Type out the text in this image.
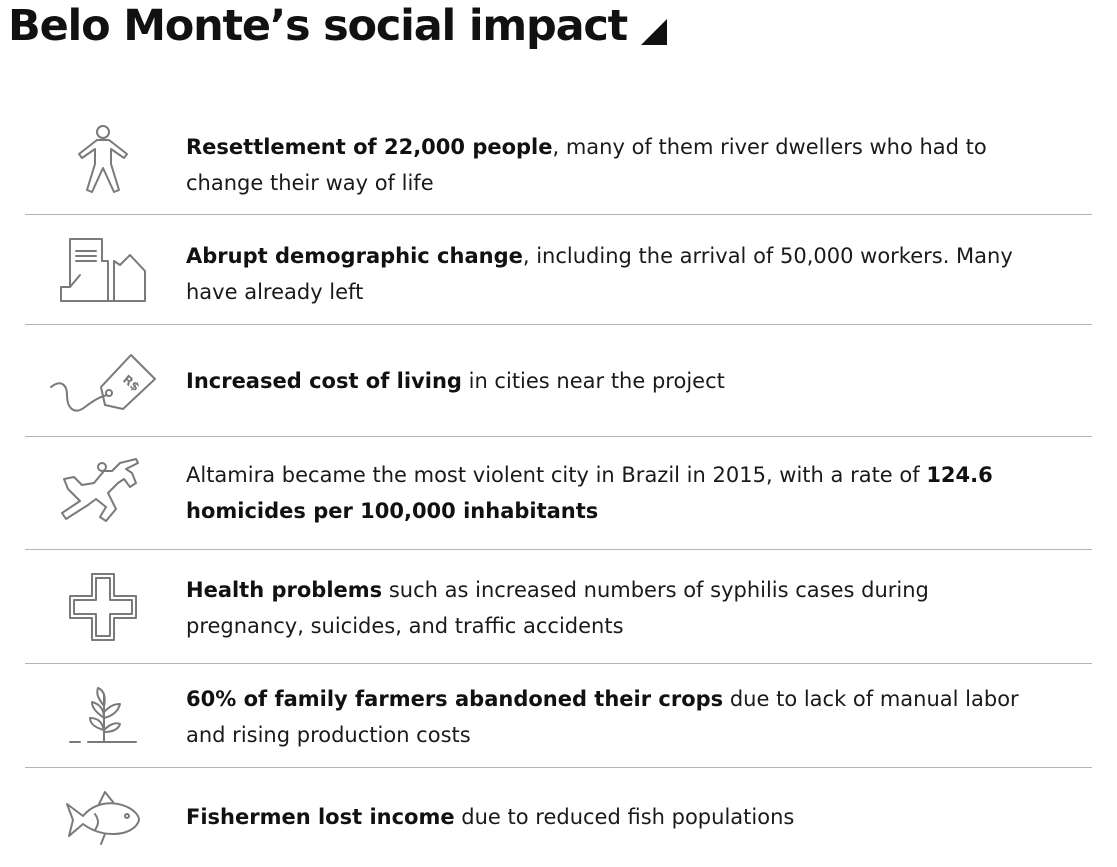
Belo Monte’s social impact
Resettlement of 22,000 people, many of them river dwellers who had to change their way of life
Abrupt demographic change, including the arrival of 50,000 workers. Many have already left
R$ Increased cost of living in cities near the project
Altamira became the most violent city in Brazil in 2015, with a rate of 124.6 homicides per 100,000 inhabitants
Health problems such as increased numbers of syphilis cases during pregnancy, suicides, and traffic accidents
60% of family farmers abandoned their crops due to lack of manual labor and rising production costs
Fishermen lost income due to reduced fish populations
